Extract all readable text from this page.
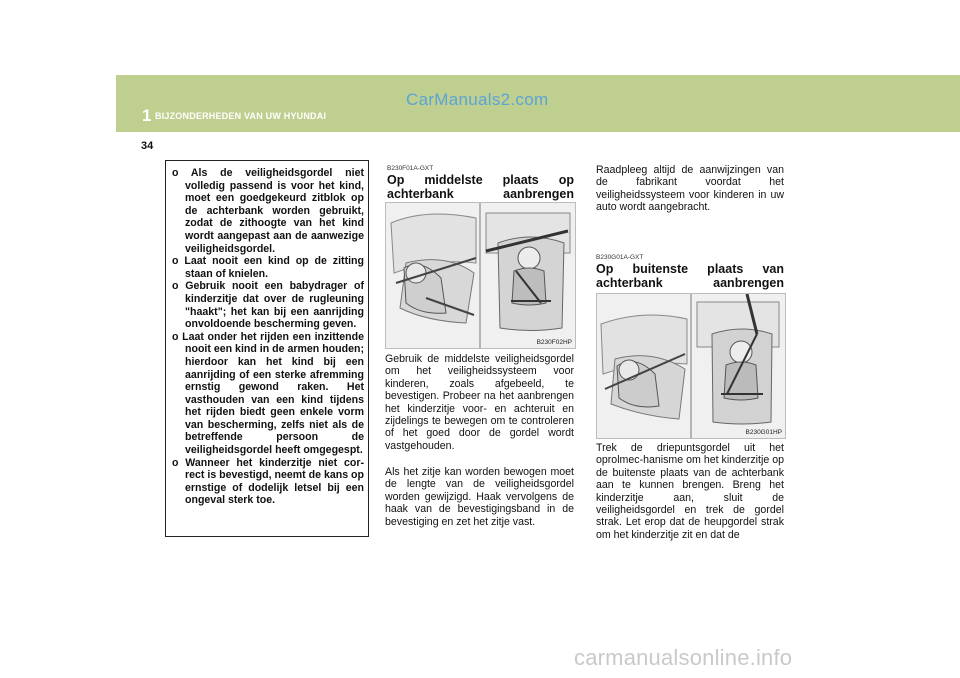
1 BIJZONDERHEDEN VAN UW HYUNDAI
CarManuals2.com
34

o Als de veiligheidsgordel niet volledig passend is voor het kind, moet een goedgekeurd zitblok op de achterbank worden gebruikt, zodat de zithoogte van het kind wordt aangepast aan de aanwezige veiligheidsgordel.

o Laat nooit een kind op de zitting staan of knielen.

o Gebruik nooit een babydrager of kinderzitje dat over de rugleuning "haakt"; het kan bij een aanrijding onvoldoende bescherming geven.

o Laat onder het rijden een inzittende nooit een kind in de armen houden; hierdoor kan het kind bij een aanrijding of een sterke afremming ernstig gewond raken. Het vasthouden van een kind tijdens het rijden biedt geen enkele vorm van bescherming, zelfs niet als de betreffende persoon de veiligheidsgordel heeft omgegespt.

o Wanneer het kinderzitje niet cor-rect is bevestigd, neemt de kans op ernstige of dodelijk letsel bij een ongeval sterk toe.

B230F01A-GXT
Op middelste plaats op achterbank aanbrengen
B230F02HP

Gebruik de middelste veiligheidsgordel om het veiligheidssysteem voor kinderen, zoals afgebeeld, te bevestigen. Probeer na het aanbrengen het kinderzitje voor- en achteruit en zijdelings te bewegen om te controleren of het goed door de gordel wordt vastgehouden.

Als het zitje kan worden bewogen moet de lengte van de veiligheidsgordel worden gewijzigd. Haak vervolgens de haak van de bevestigingsband in de bevestiging en zet het zitje vast.

Raadpleeg altijd de aanwijzingen van de fabrikant voordat het veiligheidssysteem voor kinderen in uw auto wordt aangebracht.

B230G01A-GXT
Op buitenste plaats van achterbank aanbrengen
B230G01HP

Trek de driepuntsgordel uit het oprolmec-hanisme om het kinderzitje op de buitenste plaats van de achterbank aan te kunnen brengen. Breng het kinderzitje aan, sluit de veiligheidsgordel en trek de gordel strak. Let erop dat de heupgordel strak om het kinderzitje zit en dat de

carmanualsonline.info
